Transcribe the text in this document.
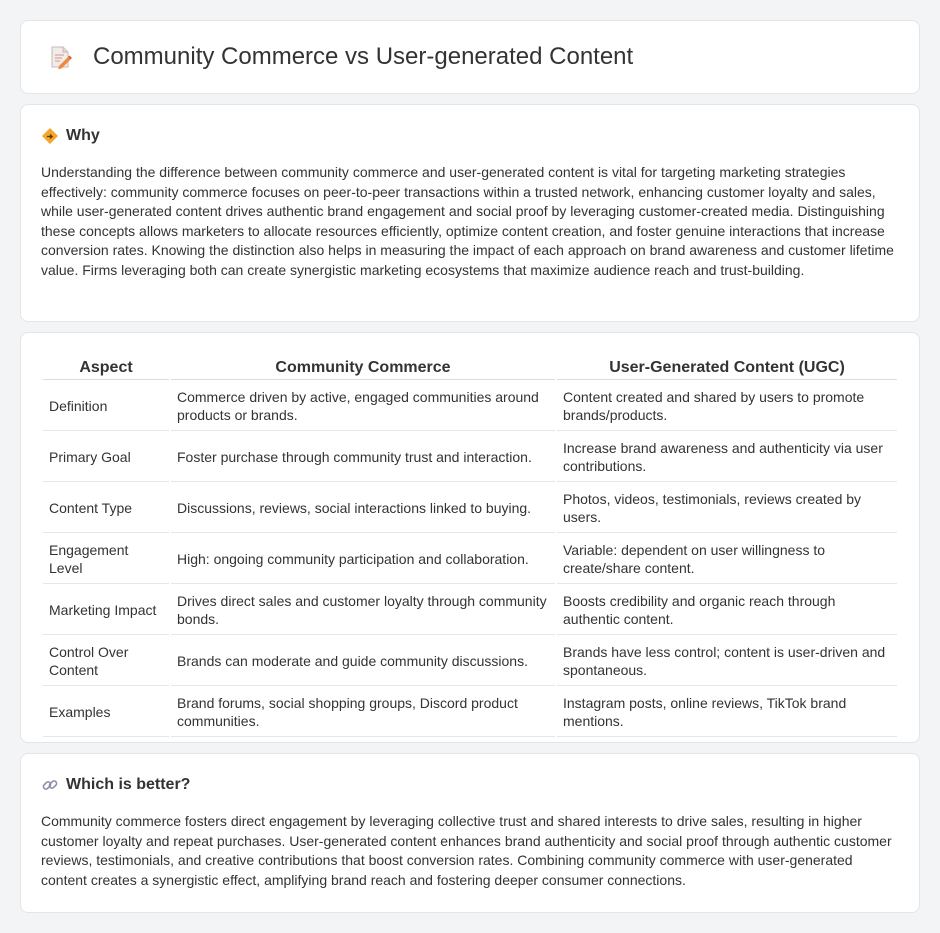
Community Commerce vs User-generated Content
Why

Understanding the difference between community commerce and user-generated content is vital for targeting marketing strategies effectively: community commerce focuses on peer-to-peer transactions within a trusted network, enhancing customer loyalty and sales, while user-generated content drives authentic brand engagement and social proof by leveraging customer-created media. Distinguishing these concepts allows marketers to allocate resources efficiently, optimize content creation, and foster genuine interactions that increase conversion rates. Knowing the distinction also helps in measuring the impact of each approach on brand awareness and customer lifetime value. Firms leveraging both can create synergistic marketing ecosystems that maximize audience reach and trust-building.

Aspect	Community Commerce	User-Generated Content (UGC)
Definition	Commerce driven by active, engaged communities around products or brands.	Content created and shared by users to promote brands/products.
Primary Goal	Foster purchase through community trust and interaction.	Increase brand awareness and authenticity via user contributions.
Content Type	Discussions, reviews, social interactions linked to buying.	Photos, videos, testimonials, reviews created by users.
Engagement Level	High: ongoing community participation and collaboration.	Variable: dependent on user willingness to create/share content.
Marketing Impact	Drives direct sales and customer loyalty through community bonds.	Boosts credibility and organic reach through authentic content.
Control Over Content	Brands can moderate and guide community discussions.	Brands have less control; content is user-driven and spontaneous.
Examples	Brand forums, social shopping groups, Discord product communities.	Instagram posts, online reviews, TikTok brand mentions.
Which is better?

Community commerce fosters direct engagement by leveraging collective trust and shared interests to drive sales, resulting in higher customer loyalty and repeat purchases. User-generated content enhances brand authenticity and social proof through authentic customer reviews, testimonials, and creative contributions that boost conversion rates. Combining community commerce with user-generated content creates a synergistic effect, amplifying brand reach and fostering deeper consumer connections.
